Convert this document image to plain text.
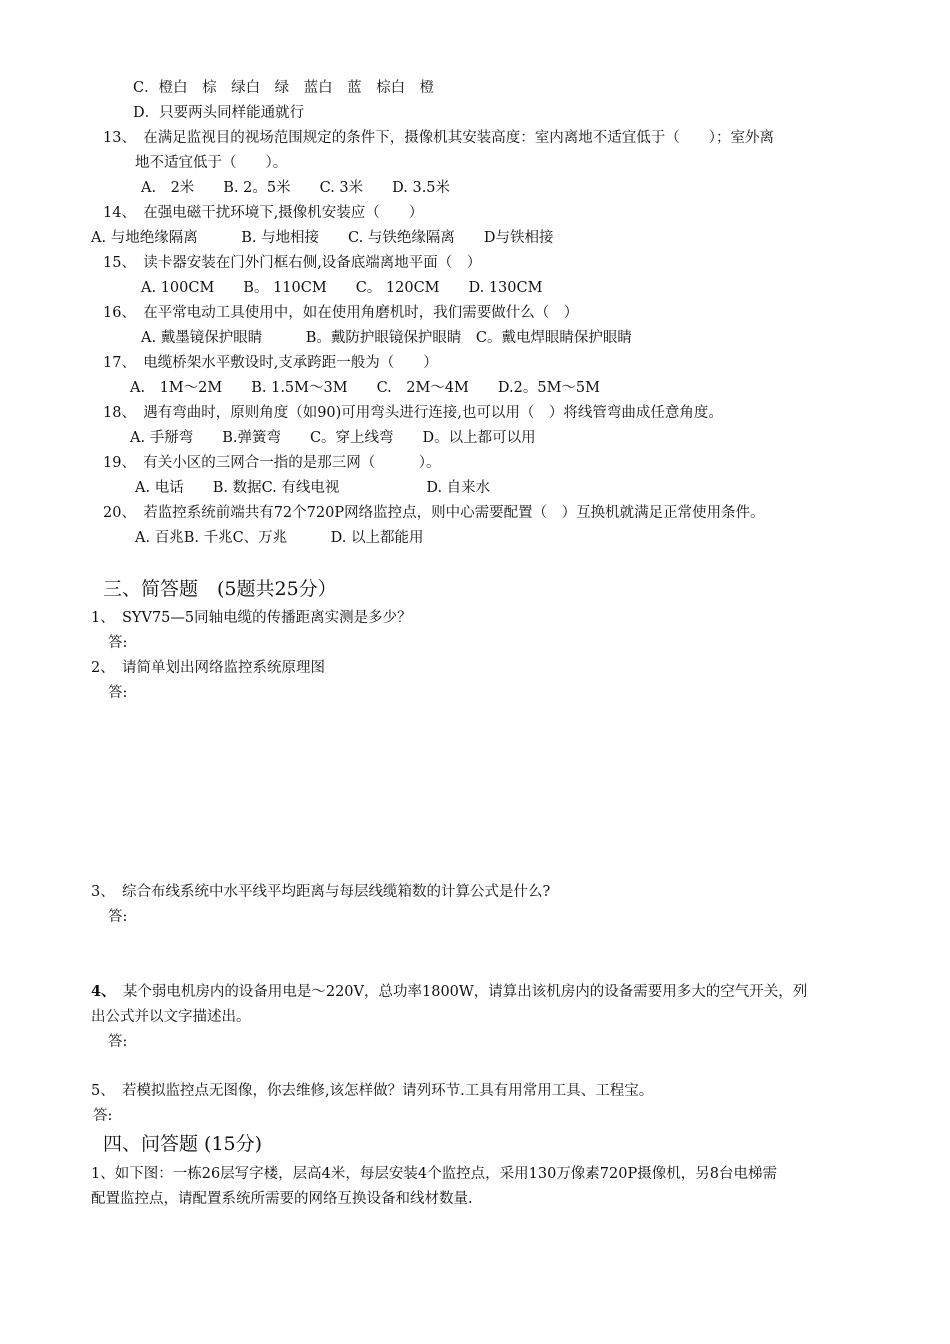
C．橙白　棕　绿白　绿　蓝白　蓝　棕白　橙
D．只要两头同样能通就行
13、　在满足监视目的视场范围规定的条件下，摄像机其安装高度：室内离地不适宜低于（　　）；室外离
地不适宜低于（　　）。
A.　2米　　B. 2。5米　　C. 3米　　D. 3.5米
14、　在强电磁干扰环境下,摄像机安装应（　　）
A. 与地绝缘隔离　　　B. 与地相接　　C. 与铁绝缘隔离　　D与铁相接
15、　读卡器安装在门外门框右侧,设备底端离地平面（　）
A. 100CM　　B。 110CM　　C。 120CM　　D. 130CM
16、　在平常电动工具使用中，如在使用角磨机时，我们需要做什么（　）
A. 戴墨镜保护眼睛　　　B。戴防护眼镜保护眼睛　C。戴电焊眼睛保护眼睛
17、　电缆桥架水平敷设时,支承跨距一般为（　　）
A.　1M～2M　　B. 1.5M～3M　　C.　2M～4M　　D.2。5M～5M
18、　遇有弯曲时，原则角度（如90)可用弯头进行连接,也可以用（　）将线管弯曲成任意角度。
A. 手掰弯　　B.弹簧弯　　C。穿上线弯　　D。以上都可以用
19、　有关小区的三网合一指的是那三网（　　　）。
A. 电话　　B. 数据C. 有线电视　　　　　　D. 自来水
20、　若监控系统前端共有72个720P网络监控点，则中心需要配置（　）互换机就满足正常使用条件。
A. 百兆B. 千兆C、万兆　　　D. 以上都能用
三、简答题　(5题共25分）
1、　SYV75—5同轴电缆的传播距离实测是多少？
答:
2、　请简单划出网络监控系统原理图
答:
3、　综合布线系统中水平线平均距离与每层线缆箱数的计算公式是什么?
答:
4、　某个弱电机房内的设备用电是～220V，总功率1800W，请算出该机房内的设备需要用多大的空气开关，列
出公式并以文字描述出。
答:
5、　若模拟监控点无图像，你去维修,该怎样做？请列环节.工具有用常用工具、工程宝。
答:
四、问答题 (15分)
1、如下图：一栋26层写字楼，层高4米，每层安装4个监控点，采用130万像素720P摄像机，另8台电梯需
配置监控点，请配置系统所需要的网络互换设备和线材数量.
